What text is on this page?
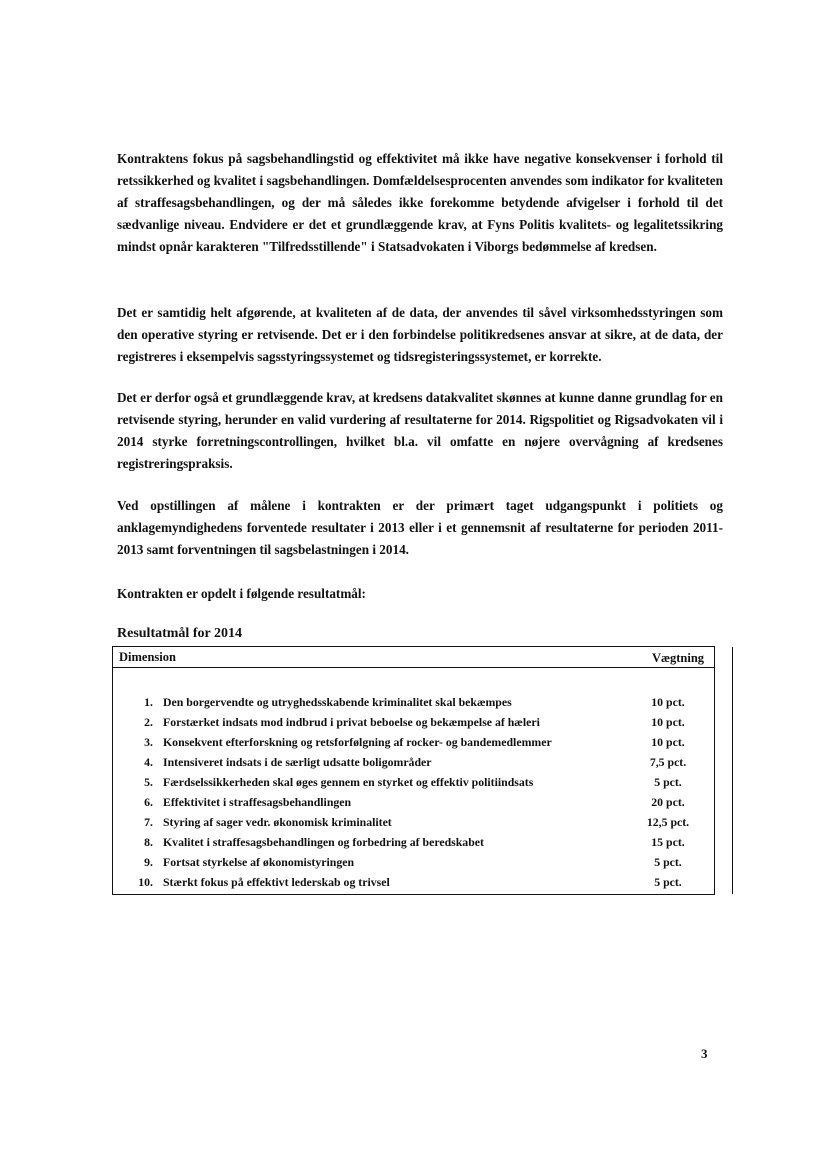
Kontraktens fokus på sagsbehandlingstid og effektivitet må ikke have negative konsekvenser i forhold til retssikkerhed og kvalitet i sagsbehandlingen. Domfældelsesprocenten anvendes som indikator for kvaliteten af straffesagsbehandlingen, og der må således ikke forekomme betydende afvigelser i forhold til det sædvanlige niveau. Endvidere er det et grundlæggende krav, at Fyns Politis kvalitets- og legalitetssikring mindst opnår karakteren "Tilfredsstillende" i Statsadvokaten i Viborgs bedømmelse af kredsen.

Det er samtidig helt afgørende, at kvaliteten af de data, der anvendes til såvel virksomhedsstyringen som den operative styring er retvisende. Det er i den forbindelse politikredsenes ansvar at sikre, at de data, der registreres i eksempelvis sagsstyringssystemet og tidsregisteringssystemet, er korrekte.

Det er derfor også et grundlæggende krav, at kredsens datakvalitet skønnes at kunne danne grundlag for en retvisende styring, herunder en valid vurdering af resultaterne for 2014. Rigspolitiet og Rigsadvokaten vil i 2014 styrke forretningscontrollingen, hvilket bl.a. vil omfatte en nøjere overvågning af kredsenes registreringspraksis.

Ved opstillingen af målene i kontrakten er der primært taget udgangspunkt i politiets og anklagemyndighedens forventede resultater i 2013 eller i et gennemsnit af resultaterne for perioden 2011-2013 samt forventningen til sagsbelastningen i 2014.

Kontrakten er opdelt i følgende resultatmål:

Resultatmål for 2014

Dimension	Vægtning
1. Den borgervendte og utryghedsskabende kriminalitet skal bekæmpes	10 pct.
2. Forstærket indsats mod indbrud i privat beboelse og bekæmpelse af hæleri	10 pct.
3. Konsekvent efterforskning og retsforfølgning af rocker- og bandemedlemmer	10 pct.
4. Intensiveret indsats i de særligt udsatte boligområder	7,5 pct.
5. Færdselssikkerheden skal øges gennem en styrket og effektiv politiindsats	5 pct.
6. Effektivitet i straffesagsbehandlingen	20 pct.
7. Styring af sager vedr. økonomisk kriminalitet	12,5 pct.
8. Kvalitet i straffesagsbehandlingen og forbedring af beredskabet	15 pct.
9. Fortsat styrkelse af økonomistyringen	5 pct.
10. Stærkt fokus på effektivt lederskab og trivsel	5 pct.
3
